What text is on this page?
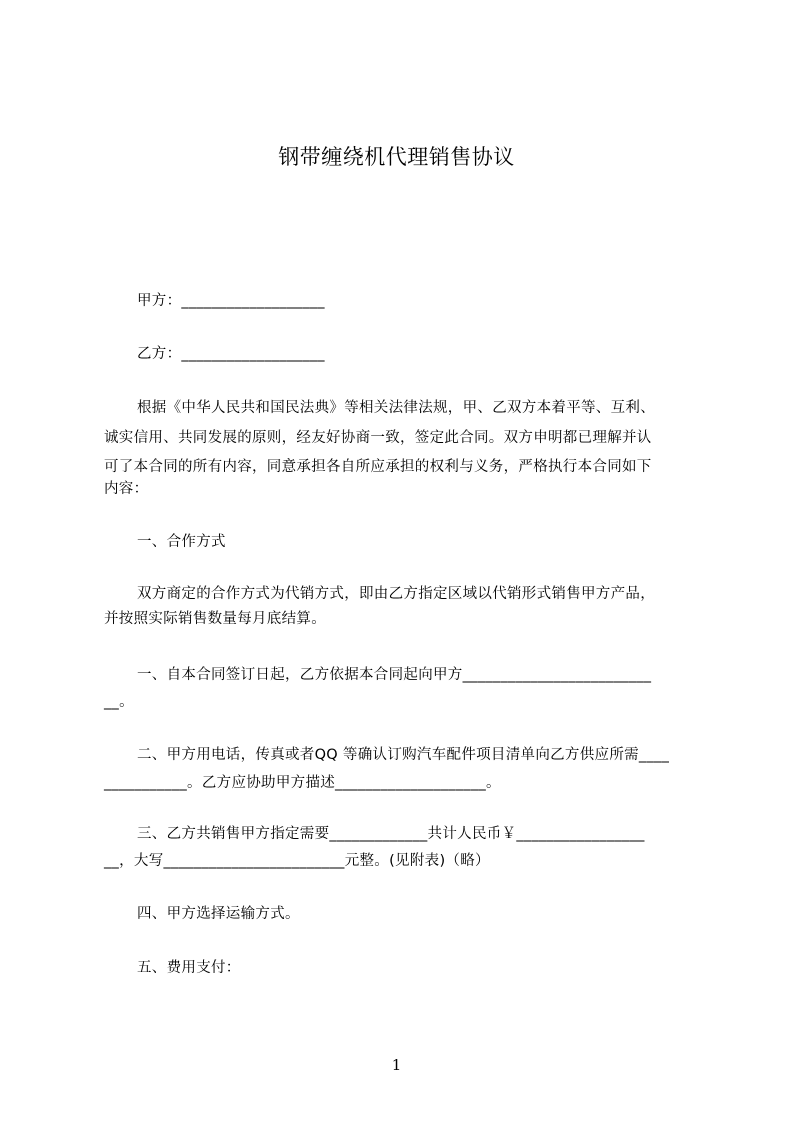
钢带缠绕机代理销售协议
甲方：___________________
乙方：___________________
根据《中华人民共和国民法典》等相关法律法规，甲、乙双方本着平等、互利、
诚实信用、共同发展的原则，经友好协商一致，签定此合同。双方申明都已理解并认
可了本合同的所有内容，同意承担各自所应承担的权利与义务，严格执行本合同如下
内容：
一、合作方式
双方商定的合作方式为代销方式，即由乙方指定区域以代销形式销售甲方产品，
并按照实际销售数量每月底结算。
一、自本合同签订日起，乙方依据本合同起向甲方_________________________
__。
二、甲方用电话，传真或者QQ 等确认订购汽车配件项目清单向乙方供应所需____
___________。乙方应协助甲方描述____________________。
三、乙方共销售甲方指定需要_____________共计人民币￥_________________
__，大写________________________元整。(见附表)（略）
四、甲方选择运输方式。
五、费用支付：
1
